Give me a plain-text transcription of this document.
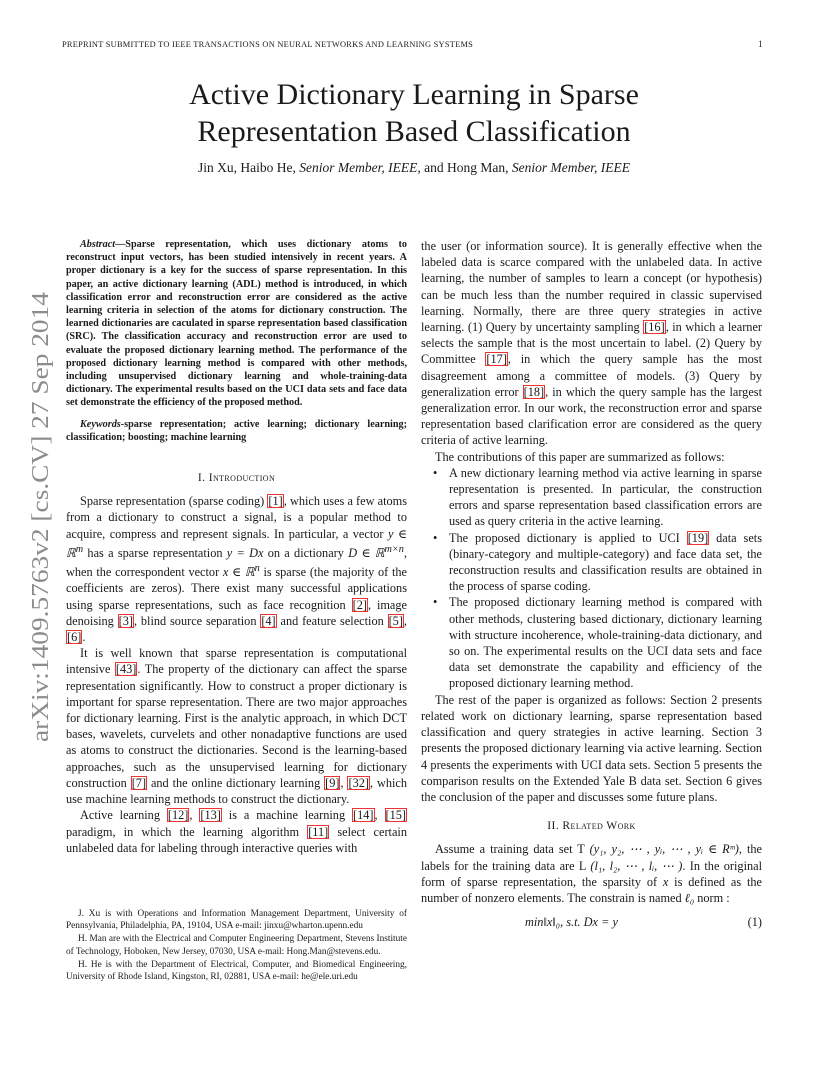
PREPRINT SUBMITTED TO IEEE TRANSACTIONS ON NEURAL NETWORKS AND LEARNING SYSTEMS	1
arXiv:1409.5763v2 [cs.CV] 27 Sep 2014
Active Dictionary Learning in Sparse
Representation Based Classification
Jin Xu, Haibo He, Senior Member, IEEE, and Hong Man, Senior Member, IEEE

Abstract—Sparse representation, which uses dictionary atoms to reconstruct input vectors, has been studied intensively in recent years. A proper dictionary is a key for the success of sparse representation. In this paper, an active dictionary learning (ADL) method is introduced, in which classification error and reconstruction error are considered as the active learning criteria in selection of the atoms for dictionary construction. The learned dictionaries are caculated in sparse representation based classification (SRC). The classification accuracy and reconstruction error are used to evaluate the proposed dictionary learning method. The performance of the proposed dictionary learning method is compared with other methods, including unsupervised dictionary learning and whole-training-data dictionary. The experimental results based on the UCI data sets and face data set demonstrate the efficiency of the proposed method.

Keywords-sparse representation; active learning; dictionary learning; classification; boosting; machine learning

I. Introduction

Sparse representation (sparse coding) [1], which uses a few atoms from a dictionary to construct a signal, is a popular method to acquire, compress and represent signals. In particular, a vector y ∈ ℝ$^m$ has a sparse representation y = Dx on a dictionary D ∈ ℝ$^{m\times n}$, when the correspondent vector x ∈ ℝ$^n$ is sparse (the majority of the coefficients are zeros). There exist many successful applications using sparse representations, such as face recognition [2], image denoising [3], blind source separation [4] and feature selection [5], [6].

It is well known that sparse representation is computational intensive [43]. The property of the dictionary can affect the sparse representation significantly. How to construct a proper dictionary is important for sparse representation. There are two major approaches for dictionary learning. First is the analytic approach, in which DCT bases, wavelets, curvelets and other nonadaptive functions are used as atoms to construct the dictionaries. Second is the learning-based approaches, such as the unsupervised learning for dictionary construction [7] and the online dictionary learning [9], [32], which use machine learning methods to construct the dictionary.

Active learning [12], [13] is a machine learning [14], [15] paradigm, in which the learning algorithm [11] select certain unlabeled data for labeling through interactive queries with

J. Xu is with Operations and Information Management Department, University of Pennsylvania, Philadelphia, PA, 19104, USA e-mail: jinxu@wharton.upenn.edu

H. Man are with the Electrical and Computer Engineering Department, Stevens Institute of Technology, Hoboken, New Jersey, 07030, USA e-mail: Hong.Man@stevens.edu.

H. He is with the Department of Electrical, Computer, and Biomedical Engineering, University of Rhode Island, Kingston, RI, 02881, USA e-mail: he@ele.uri.edu

the user (or information source). It is generally effective when the labeled data is scarce compared with the unlabeled data. In active learning, the number of samples to learn a concept (or hypothesis) can be much less than the number required in classic supervised learning. Normally, there are three query strategies in active learning. (1) Query by uncertainty sampling [16], in which a learner selects the sample that is the most uncertain to label. (2) Query by Committee [17], in which the query sample has the most disagreement among a committee of models. (3) Query by generalization error [18], in which the query sample has the largest generalization error. In our work, the reconstruction error and sparse representation based clarification error are considered as the query criteria of active learning.

The contributions of this paper are summarized as follows:

• A new dictionary learning method via active learning in sparse representation is presented. In particular, the construction errors and sparse representation based classification errors are used as query criteria in the active learning.
• The proposed dictionary is applied to UCI [19] data sets (binary-category and multiple-category) and face data set, the reconstruction results and classification results are obtained in the process of sparse coding.
• The proposed dictionary learning method is compared with other methods, clustering based dictionary, dictionary learning with structure incoherence, whole-training-data dictionary, and so on. The experimental results on the UCI data sets and face data set demonstrate the capability and efficiency of the proposed dictionary learning method.

The rest of the paper is organized as follows: Section 2 presents related work on dictionary learning, sparse representation based classification and query strategies in active learning. Section 3 presents the proposed dictionary learning via active learning. Section 4 presents the experiments with UCI data sets. Section 5 presents the comparison results on the Extended Yale B data set. Section 6 gives the conclusion of the paper and discusses some future plans.

II. Related Work

Assume a training data set T (y₁, y₂, ⋯ , yᵢ, ⋯ , yᵢ ∈ Rᵐ), the labels for the training data are L (l₁, l₂, ⋯ , lᵢ, ⋯ ). In the original form of sparse representation, the sparsity of x is defined as the number of nonzero elements. The constrain is named ℓ₀ norm :

min‖x‖₀, s.t. Dx = y	(1)
